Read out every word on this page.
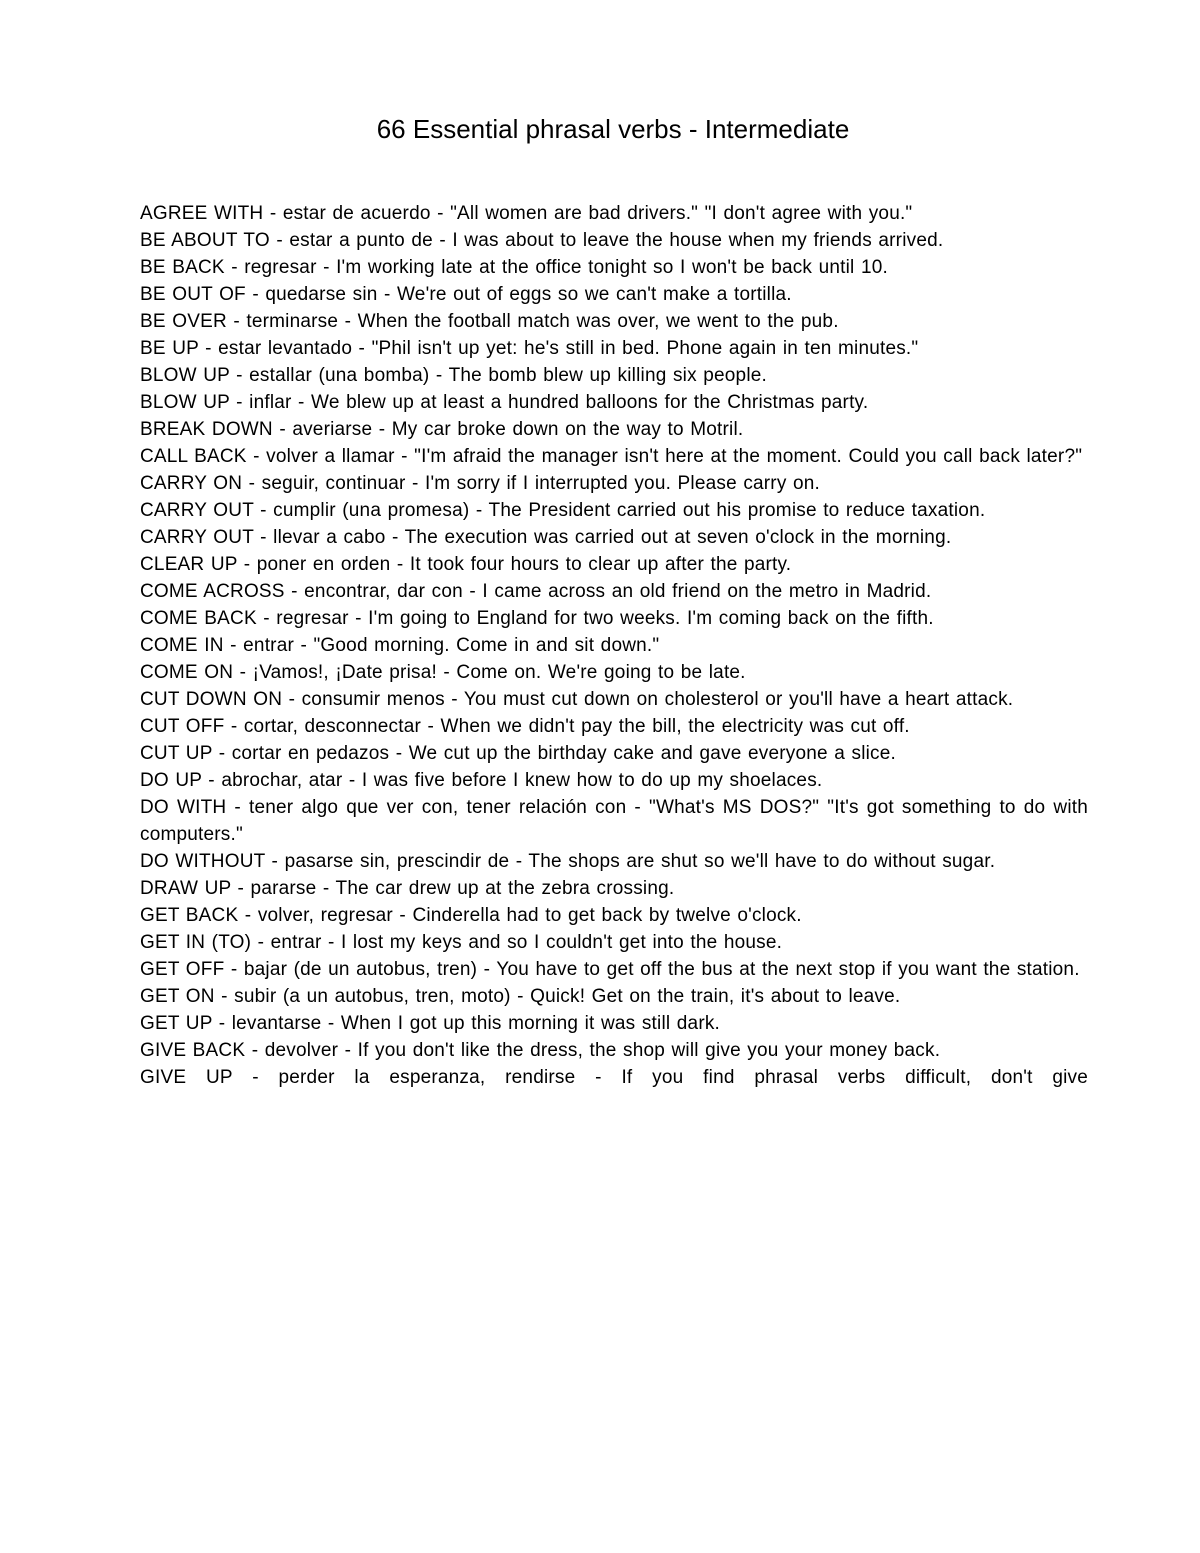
66 Essential phrasal verbs - Intermediate
AGREE WITH - estar de acuerdo - "All women are bad drivers." "I don't agree with you."
BE ABOUT TO - estar a punto de - I was about to leave the house when my friends arrived.
BE BACK - regresar - I'm working late at the office tonight so I won't be back until 10.
BE OUT OF - quedarse sin - We're out of eggs so we can't make a tortilla.
BE OVER - terminarse - When the football match was over, we went to the pub.
BE UP - estar levantado - "Phil isn't up yet: he's still in bed. Phone again in ten minutes."
BLOW UP - estallar (una bomba) - The bomb blew up killing six people.
BLOW UP - inflar - We blew up at least a hundred balloons for the Christmas party.
BREAK DOWN - averiarse - My car broke down on the way to Motril.
CALL BACK - volver a llamar - "I'm afraid the manager isn't here at the moment. Could you call back later?"
CARRY ON - seguir, continuar - I'm sorry if I interrupted you. Please carry on.
CARRY OUT - cumplir (una promesa) - The President carried out his promise to reduce taxation.
CARRY OUT - llevar a cabo - The execution was carried out at seven o'clock in the morning.
CLEAR UP - poner en orden - It took four hours to clear up after the party.
COME ACROSS - encontrar, dar con - I came across an old friend on the metro in Madrid.
COME BACK - regresar - I'm going to England for two weeks. I'm coming back on the fifth.
COME IN - entrar - "Good morning. Come in and sit down."
COME ON - ¡Vamos!, ¡Date prisa! - Come on. We're going to be late.
CUT DOWN ON - consumir menos - You must cut down on cholesterol or you'll have a heart attack.
CUT OFF - cortar, desconnectar - When we didn't pay the bill, the electricity was cut off.
CUT UP - cortar en pedazos - We cut up the birthday cake and gave everyone a slice.
DO UP - abrochar, atar - I was five before I knew how to do up my shoelaces.
DO WITH - tener algo que ver con, tener relación con - "What's MS DOS?" "It's got something to do with computers."
DO WITHOUT - pasarse sin, prescindir de - The shops are shut so we'll have to do without sugar.
DRAW UP - pararse - The car drew up at the zebra crossing.
GET BACK - volver, regresar - Cinderella had to get back by twelve o'clock.
GET IN (TO) - entrar - I lost my keys and so I couldn't get into the house.
GET OFF - bajar (de un autobus, tren) - You have to get off the bus at the next stop if you want the station.
GET ON - subir (a un autobus, tren, moto) - Quick! Get on the train, it's about to leave.
GET UP - levantarse - When I got up this morning it was still dark.
GIVE BACK - devolver - If you don't like the dress, the shop will give you your money back.
GIVE UP - perder la esperanza, rendirse - If you find phrasal verbs difficult, don't give
